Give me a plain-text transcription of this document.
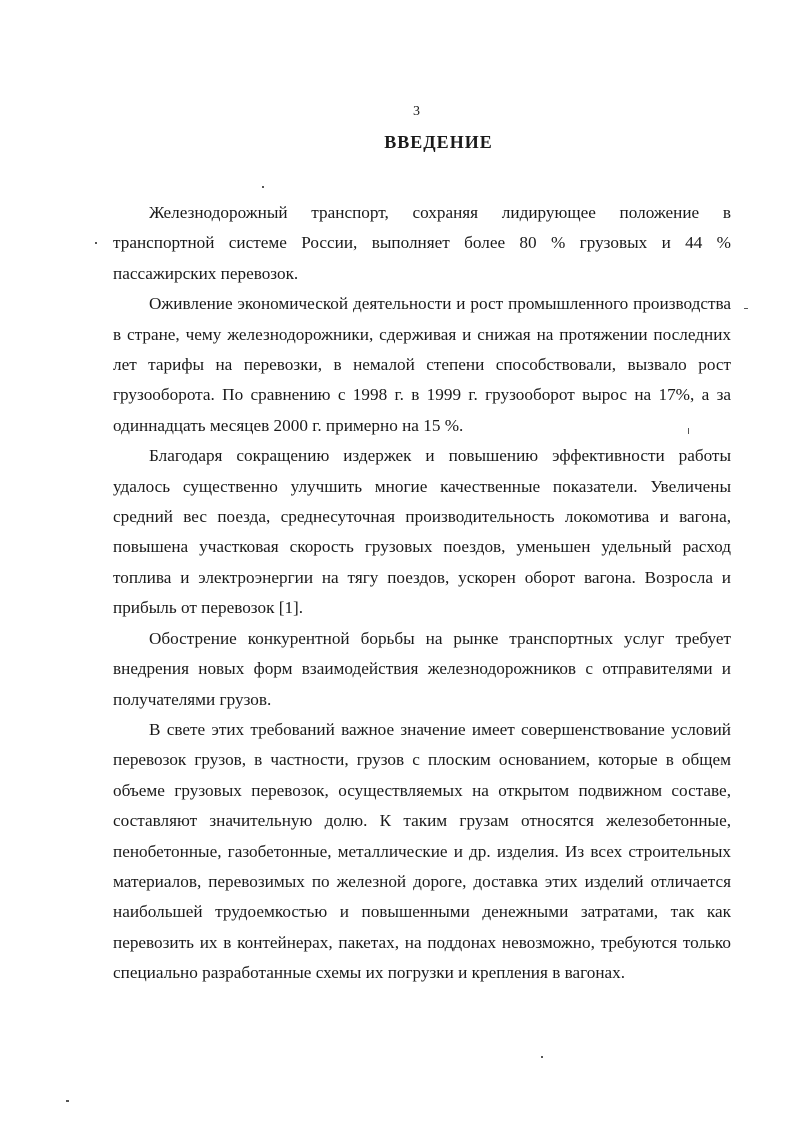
3
ВВЕДЕНИЕ

Железнодорожный транспорт, сохраняя лидирующее положение в транспортной системе России, выполняет более 80 % грузовых и 44 % пассажирских перевозок.

Оживление экономической деятельности и рост промышленного производства в стране, чему железнодорожники, сдерживая и снижая на протяжении последних лет тарифы на перевозки, в немалой степени способствовали, вызвало рост грузооборота. По сравнению с 1998 г. в 1999 г. грузооборот вырос на 17%, а за одиннадцать месяцев 2000 г. примерно на 15 %.

Благодаря сокращению издержек и повышению эффективности работы удалось существенно улучшить многие качественные показатели. Увеличены средний вес поезда, среднесуточная производительность локомотива и вагона, повышена участковая скорость грузовых поездов, уменьшен удельный расход топлива и электроэнергии на тягу поездов, ускорен оборот вагона. Возросла и прибыль от перевозок [1].

Обострение конкурентной борьбы на рынке транспортных услуг требует внедрения новых форм взаимодействия железнодорожников с отправителями и получателями грузов.

В свете этих требований важное значение имеет совершенствование условий перевозок грузов, в частности, грузов с плоским основанием, которые в общем объеме грузовых перевозок, осуществляемых на открытом подвижном составе, составляют значительную долю. К таким грузам относятся железобетонные, пенобетонные, газобетонные, металлические и др. изделия. Из всех строительных материалов, перевозимых по железной дороге, доставка этих изделий отличается наибольшей трудоемкостью и повышенными денежными затратами, так как перевозить их в контейнерах, пакетах, на поддонах невозможно, требуются только специально разработанные схемы их погрузки и крепления в вагонах.
